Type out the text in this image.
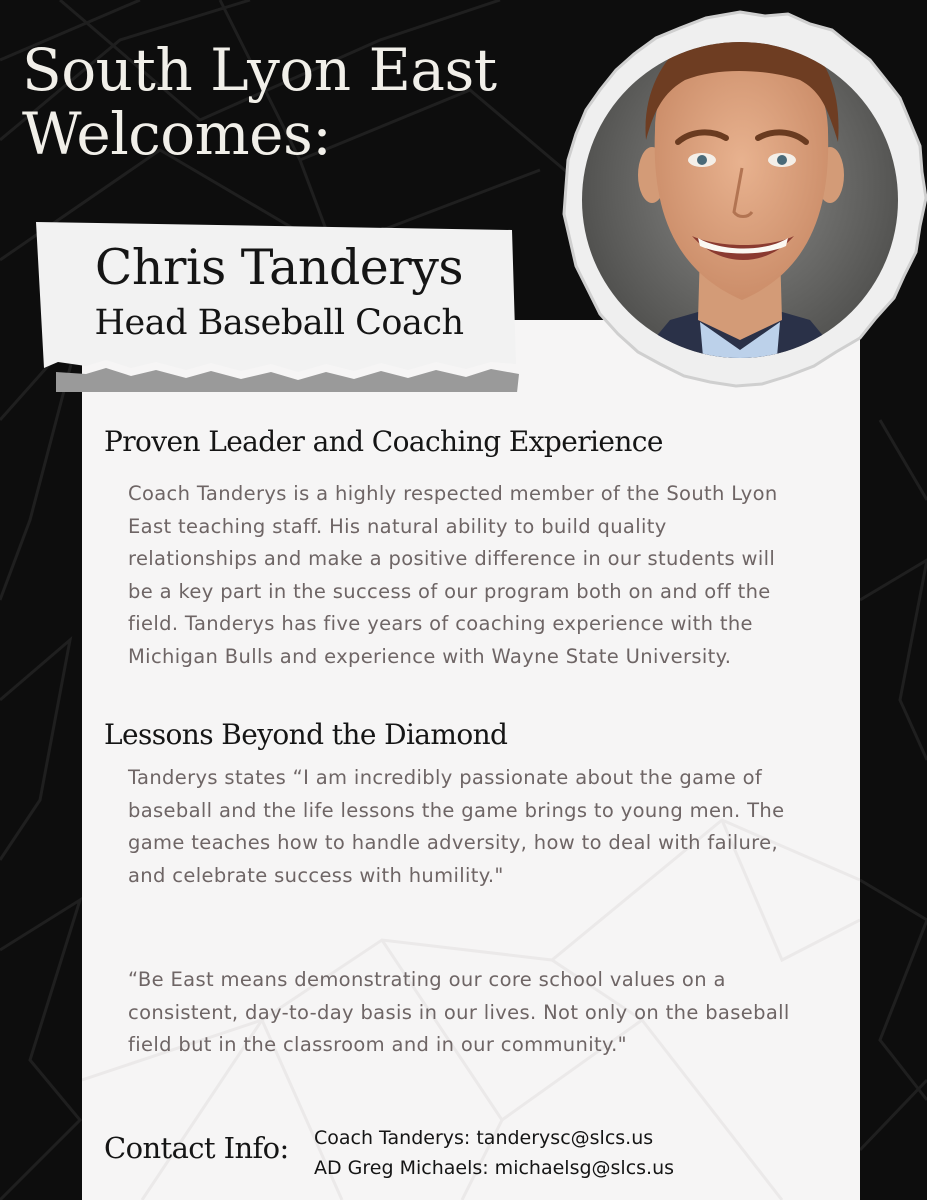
South Lyon East Welcomes:
Chris Tanderys
Head Baseball Coach
Proven Leader and Coaching Experience

Coach Tanderys is a highly respected member of the South Lyon East teaching staff. His natural ability to build quality relationships and make a positive difference in our students will be a key part in the success of our program both on and off the field. Tanderys has five years of coaching experience with the Michigan Bulls and experience with Wayne State University.

Lessons Beyond the Diamond

Tanderys states “I am incredibly passionate about the game of baseball and the life lessons the game brings to young men. The game teaches how to handle adversity, how to deal with failure, and celebrate success with humility."

“Be East means demonstrating our core school values on a consistent, day-to-day basis in our lives. Not only on the baseball field but in the classroom and in our community."

Contact Info: Coach Tanderys: tanderysc@slcs.us
AD Greg Michaels: michaelsg@slcs.us
